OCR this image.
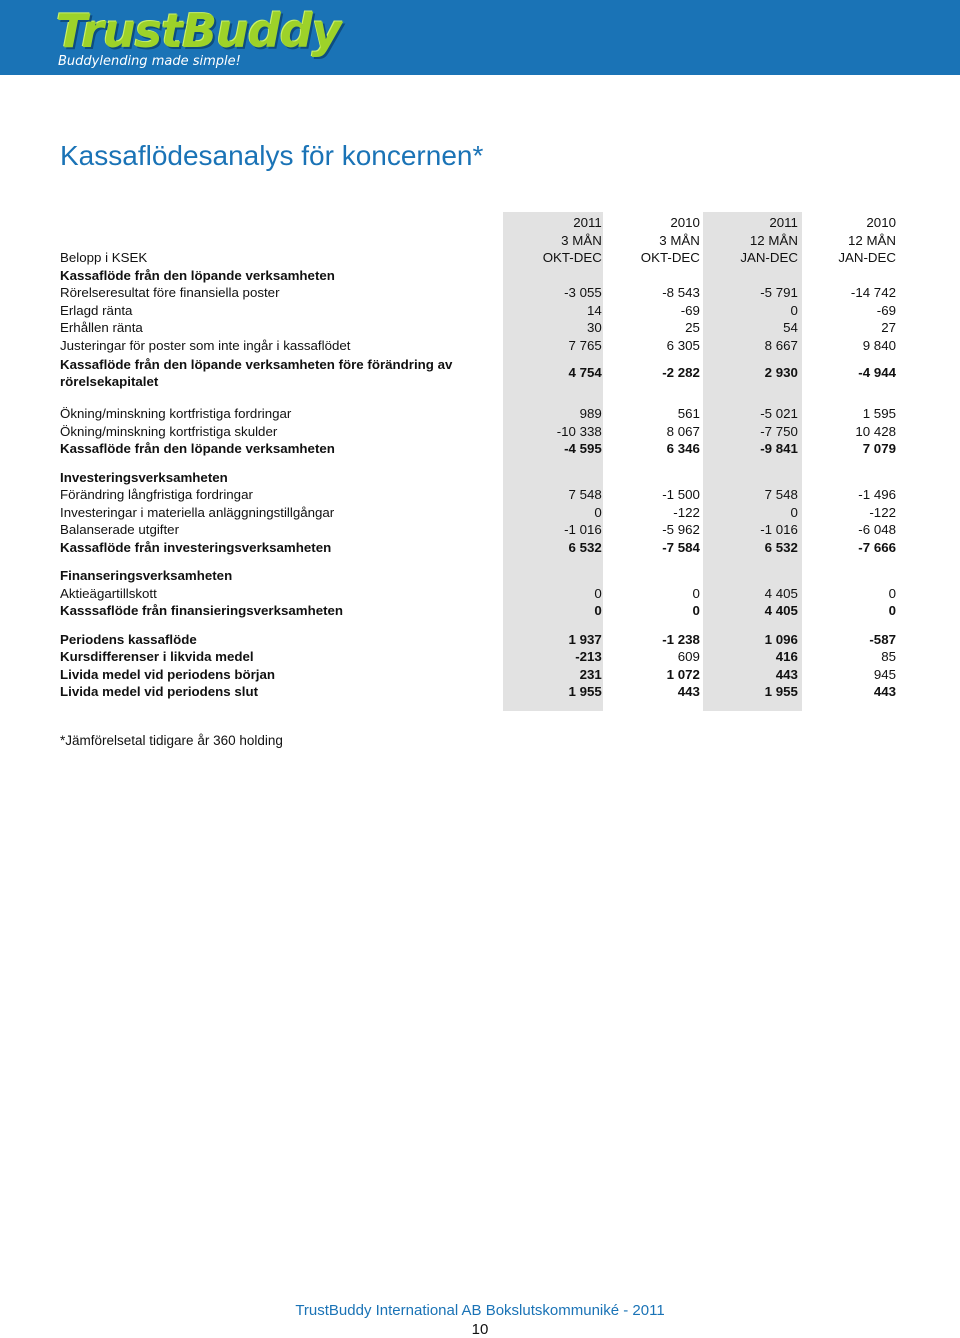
TrustBuddy
Buddylending made simple!
Kassaflödesanalys för koncernen*
	2011	2010	2011	2010
	3 MÅN	3 MÅN	12 MÅN	12 MÅN
Belopp i KSEK	OKT-DEC	OKT-DEC	JAN-DEC	JAN-DEC
Kassaflöde från den löpande verksamheten				
Rörelseresultat före finansiella poster	-3 055	-8 543	-5 791	-14 742
Erlagd ränta	14	-69	0	-69
Erhållen ränta	30	25	54	27
Justeringar för poster som inte ingår i kassaflödet	7 765	6 305	8 667	9 840
Kassaflöde från den löpande verksamheten före förändring av rörelsekapitalet	4 754	-2 282	2 930	-4 944

Ökning/minskning kortfristiga fordringar	989	561	-5 021	1 595
Ökning/minskning kortfristiga skulder	-10 338	8 067	-7 750	10 428
Kassaflöde från den löpande verksamheten	-4 595	6 346	-9 841	7 079

Investeringsverksamheten				
Förändring långfristiga fordringar	7 548	-1 500	7 548	-1 496
Investeringar i materiella anläggningstillgångar	0	-122	0	-122
Balanserade utgifter	-1 016	-5 962	-1 016	-6 048
Kassaflöde från investeringsverksamheten	6 532	-7 584	6 532	-7 666

Finanseringsverksamheten				
Aktieägartillskott	0	0	4 405	0
Kasssaflöde från finansieringsverksamheten	0	0	4 405	0

Periodens kassaflöde	1 937	-1 238	1 096	-587
Kursdifferenser i likvida medel	-213	609	416	85
Livida medel vid periodens början	231	1 072	443	945
Livida medel vid periodens slut	1 955	443	1 955	443
*Jämförelsetal tidigare år 360 holding
TrustBuddy International AB Bokslutskommuniké - 2011
10
